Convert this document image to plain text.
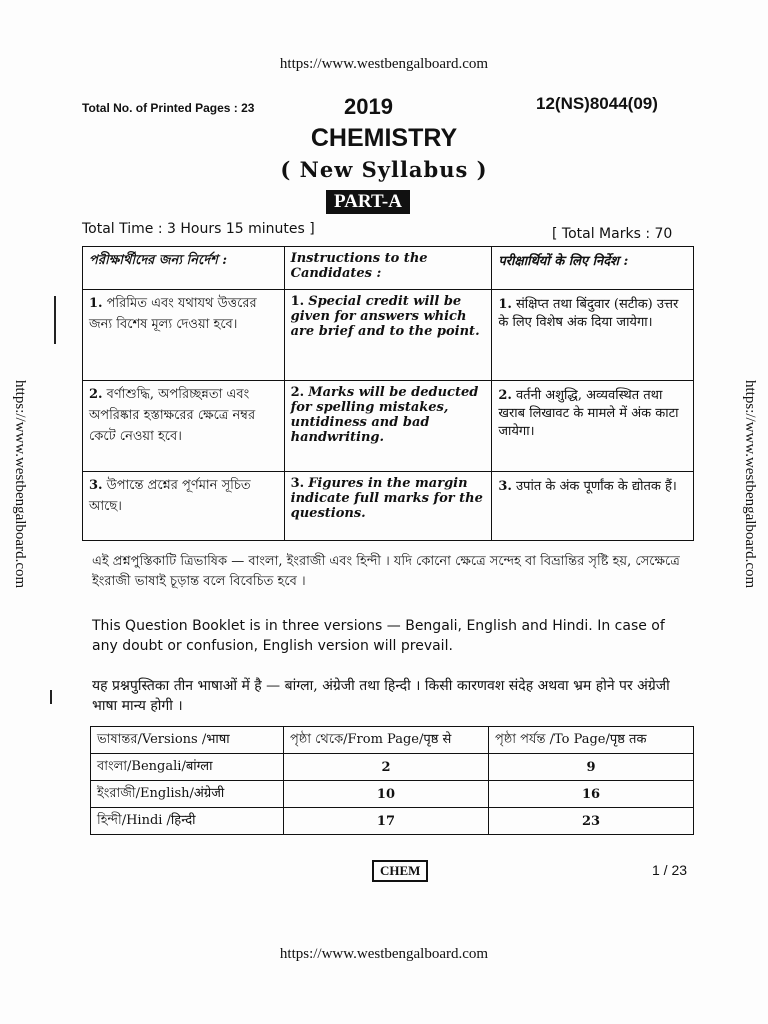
https://www.westbengalboard.com
https://www.westbengalboard.com	https://www.westbengalboard.com
Total No. of Printed Pages : 23	2019	12(NS)8044(09)
CHEMISTRY
( New Syllabus )
PART-A
Total Time : 3 Hours 15 minutes ]	[ Total Marks : 70
পরীক্ষার্থীদের জন্য নির্দেশ :	Instructions to the Candidates :	परीक्षार्थियों के लिए निर्देश :
1. পরিমিত এবং যথাযথ উত্তরের জন্য বিশেষ মূল্য দেওয়া হবে।	1. Special credit will be given for answers which are brief and to the point.	1. संक्षिप्त तथा बिंदुवार (सटीक) उत्तर के लिए विशेष अंक दिया जायेगा।
2. বর্ণাশুদ্ধি, অপরিচ্ছন্নতা এবং অপরিষ্কার হস্তাক্ষরের ক্ষেত্রে নম্বর কেটে নেওয়া হবে।	2. Marks will be deducted for spelling mistakes, untidiness and bad handwriting.	2. वर्तनी अशुद्धि, अव्यवस्थित तथा खराब लिखावट के मामले में अंक काटा जायेगा।
3. উপান্তে প্রশ্নের পূর্ণমান সূচিত আছে।	3. Figures in the margin indicate full marks for the questions.	3. उपांत के अंक पूर्णांक के द्योतक हैं।
এই প্রশ্নপুস্তিকাটি ত্রিভাষিক — বাংলা, ইংরাজী এবং হিন্দী । যদি কোনো ক্ষেত্রে সন্দেহ বা বিভ্রান্তির সৃষ্টি হয়, সেক্ষেত্রে ইংরাজী ভাষাই চূড়ান্ত বলে বিবেচিত হবে ।
This Question Booklet is in three versions — Bengali, English and Hindi. In case of any doubt or confusion, English version will prevail.
यह प्रश्नपुस्तिका तीन भाषाओं में है — बांग्ला, अंग्रेजी तथा हिन्दी । किसी कारणवश संदेह अथवा भ्रम होने पर अंग्रेजी भाषा मान्य होगी ।
ভাষান্তর/Versions /भाषा	পৃষ্ঠা থেকে/From Page/पृष्ठ से	পৃষ্ঠা পর্যন্ত /To Page/पृष्ठ तक
বাংলা/Bengali/बांग्ला	2	9
ইংরাজী/English/अंग्रेजी	10	16
হিন্দী/Hindi /हिन्दी	17	23
CHEM	1 / 23
https://www.westbengalboard.com
